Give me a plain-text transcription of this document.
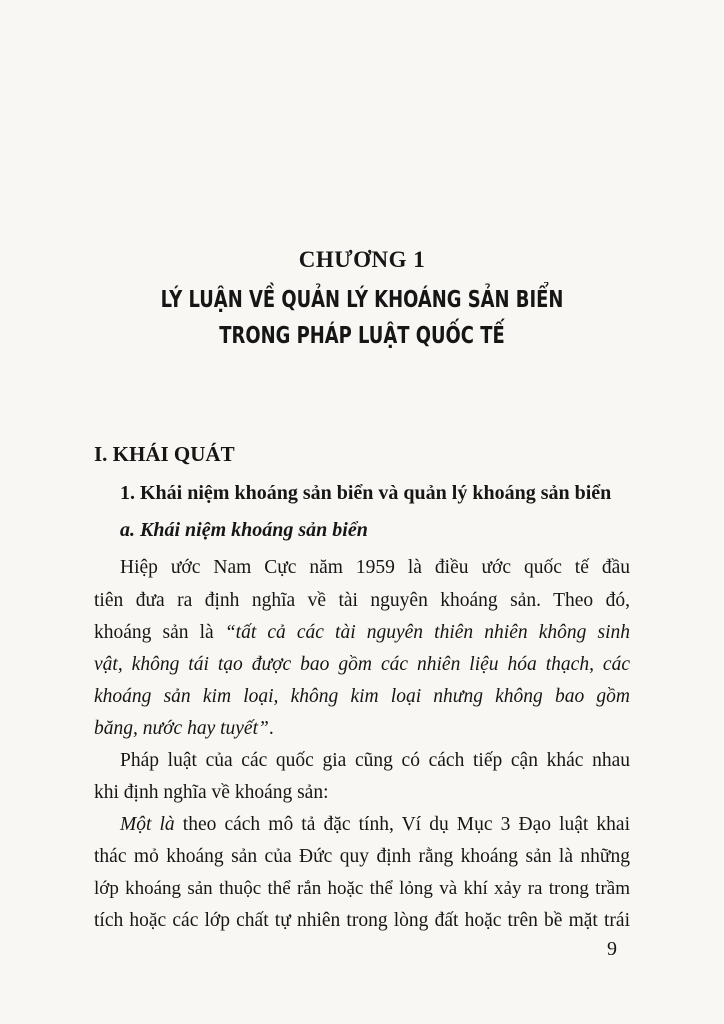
CHƯƠNG 1
LÝ LUẬN VỀ QUẢN LÝ KHOÁNG SẢN BIỂN
TRONG PHÁP LUẬT QUỐC TẾ
I. KHÁI QUÁT
1. Khái niệm khoáng sản biển và quản lý khoáng sản biển
a. Khái niệm khoáng sản biển
Hiệp ước Nam Cực năm 1959 là điều ước quốc tế đầu
tiên đưa ra định nghĩa về tài nguyên khoáng sản. Theo đó,
khoáng sản là “tất cả các tài nguyên thiên nhiên không sinh
vật, không tái tạo được bao gồm các nhiên liệu hóa thạch, các
khoáng sản kim loại, không kim loại nhưng không bao gồm
băng, nước hay tuyết”.
Pháp luật của các quốc gia cũng có cách tiếp cận khác nhau
khi định nghĩa về khoáng sản:
Một là theo cách mô tả đặc tính, Ví dụ Mục 3 Đạo luật khai
thác mỏ khoáng sản của Đức quy định rằng khoáng sản là những
lớp khoáng sản thuộc thể rắn hoặc thể lỏng và khí xảy ra trong trầm
tích hoặc các lớp chất tự nhiên trong lòng đất hoặc trên bề mặt trái
9
